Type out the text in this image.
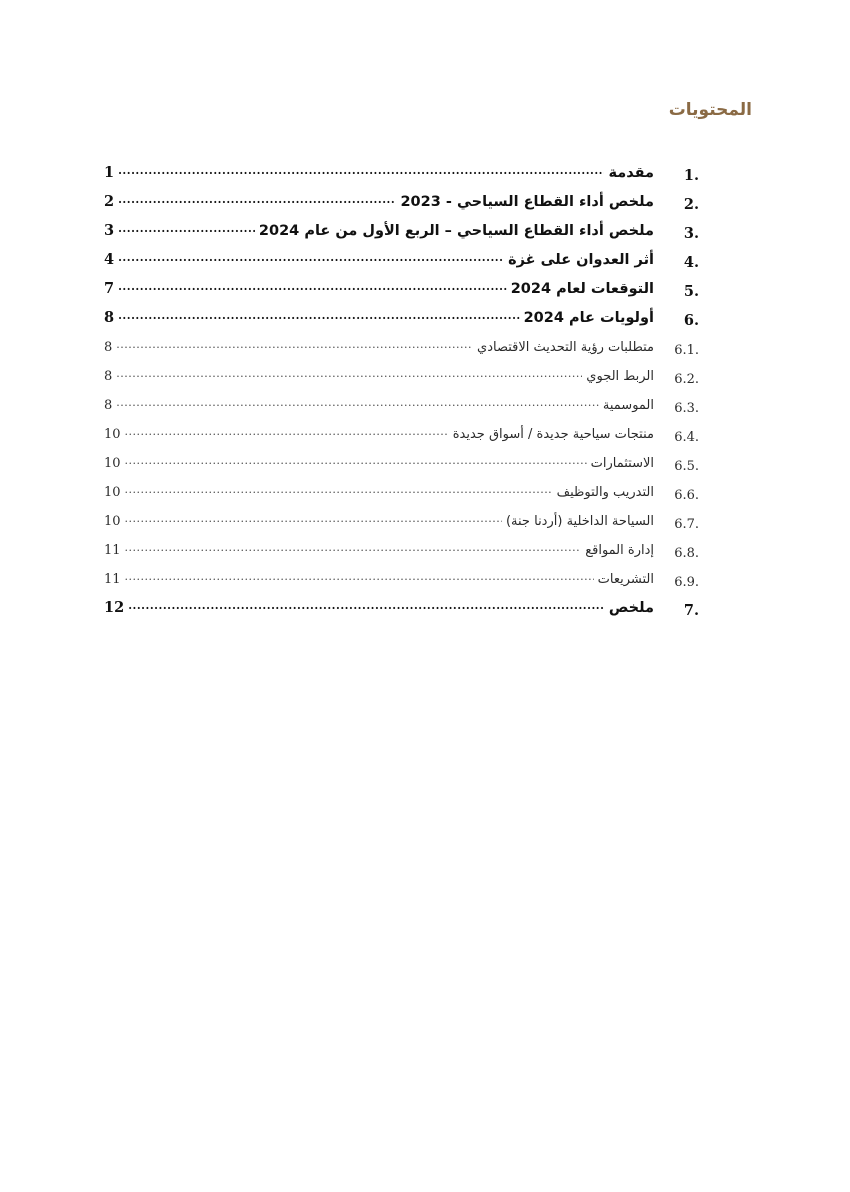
المحتويات
1.
مقدمة
.....
1
2.
ملخص أداء القطاع السياحي - 2023
.....
2
3.
ملخص أداء القطاع السياحي – الربع الأول من عام 2024
.....
3
4.
أثر العدوان على غزة
.....
4
5.
التوقعات لعام 2024
.....
7
6.
أولويات عام 2024
.....
8
6.1.
متطلبات رؤية التحديث الاقتصادي
.....
8
6.2.
الربط الجوي
.....
8
6.3.
الموسمية
.....
8
6.4.
منتجات سياحية جديدة / أسواق جديدة
.....
10
6.5.
الاستثمارات
.....
10
6.6.
التدريب والتوظيف
.....
10
6.7.
السياحة الداخلية (أردنا جنة)
.....
10
6.8.
إدارة المواقع
.....
11
6.9.
التشريعات
.....
11
7.
ملخص
.....
12
